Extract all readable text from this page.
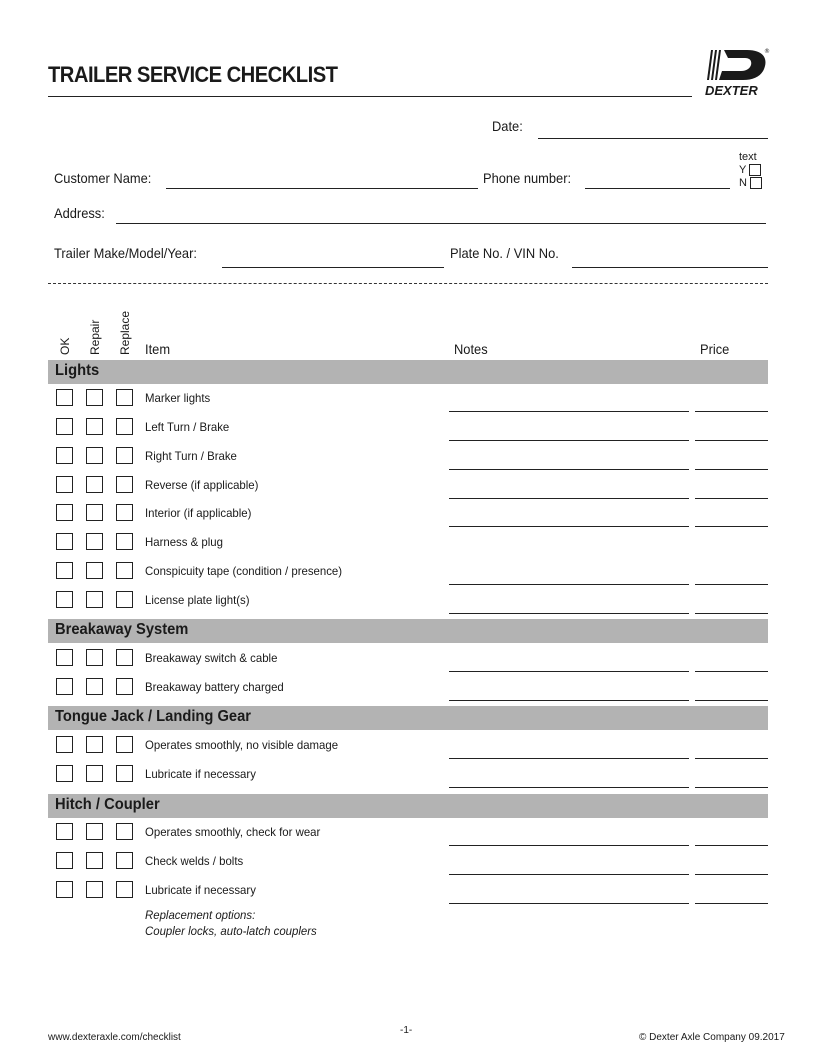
TRAILER SERVICE CHECKLIST
®
DEXTER
Date:
text
Y
N
Customer Name:	Phone number:
Address:
Trailer Make/Model/Year:	Plate No. / VIN No.
OK Repair Replace Item	Notes	Price
Lights
Marker lights
Left Turn / Brake
Right Turn / Brake
Reverse (if applicable)
Interior (if applicable)
Harness & plug
Conspicuity tape (condition / presence)
License plate light(s)
Breakaway System
Breakaway switch & cable
Breakaway battery charged
Tongue Jack / Landing Gear
Operates smoothly, no visible damage
Lubricate if necessary
Hitch / Coupler
Operates smoothly, check for wear
Check welds / bolts
Lubricate if necessary
Replacement options:
Coupler locks, auto-latch couplers
www.dexteraxle.com/checklist
-1-
© Dexter Axle Company 09.2017
